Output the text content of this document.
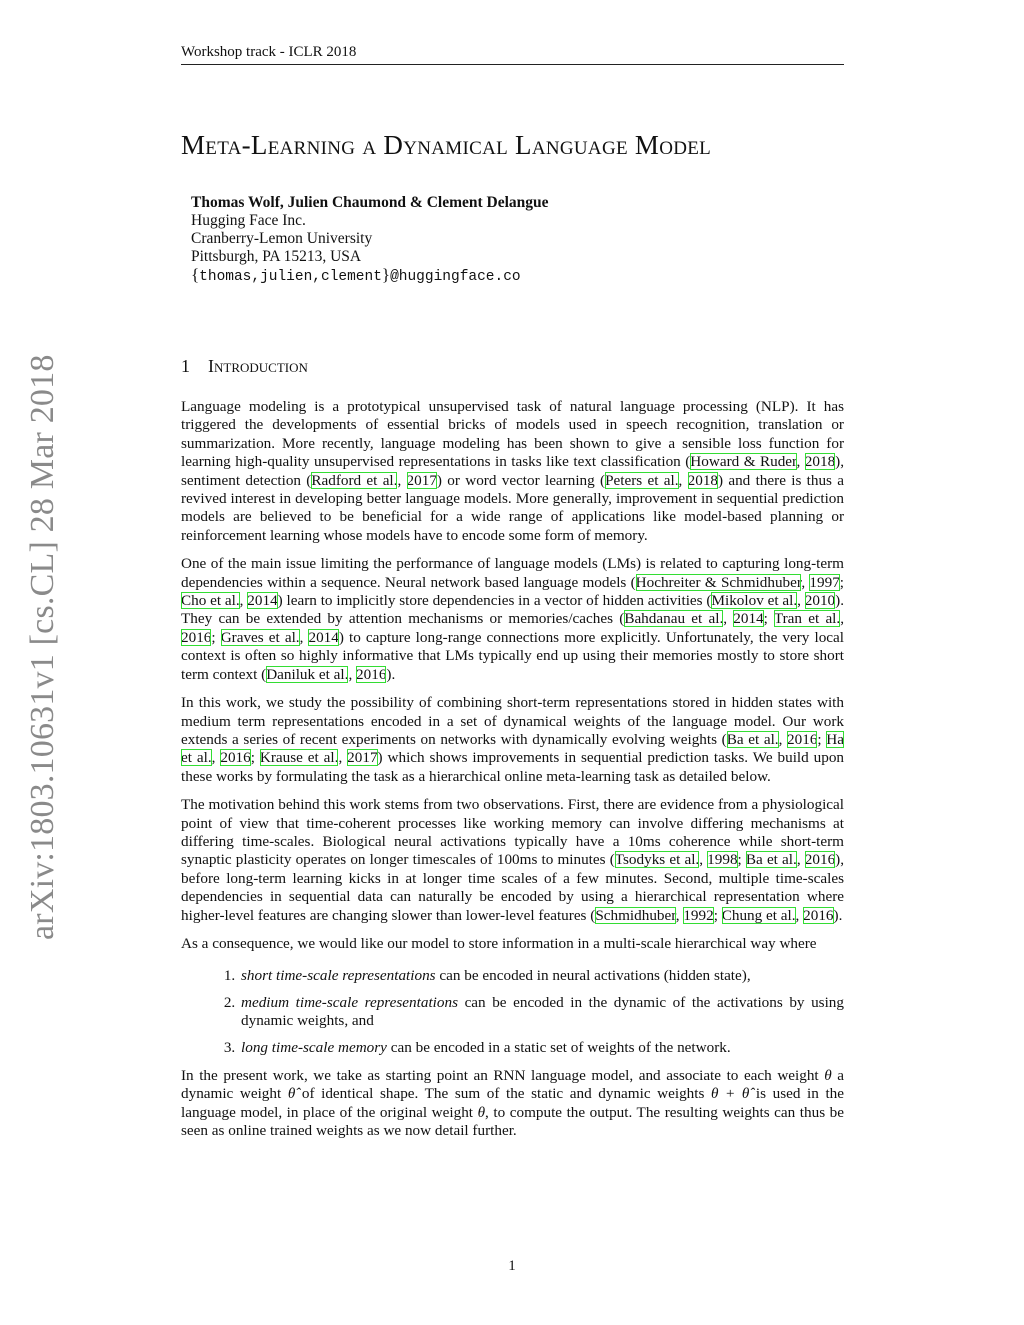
Workshop track - ICLR 2018
Meta-Learning a Dynamical Language Model
Thomas Wolf, Julien Chaumond & Clement Delangue
Hugging Face Inc.
Cranberry-Lemon University
Pittsburgh, PA 15213, USA
{thomas,julien,clement}@huggingface.co
arXiv:1803.10631v1 [cs.CL] 28 Mar 2018	1 Introduction

Language modeling is a prototypical unsupervised task of natural language processing (NLP). It has triggered the developments of essential bricks of models used in speech recognition, translation or summarization. More recently, language modeling has been shown to give a sensible loss function for learning high-quality unsupervised representations in tasks like text classification (Howard & Ruder, 2018), sentiment detection (Radford et al., 2017) or word vector learning (Peters et al., 2018) and there is thus a revived interest in developing better language models. More generally, improvement in sequential prediction models are believed to be beneficial for a wide range of applications like model-based planning or reinforcement learning whose models have to encode some form of memory.

One of the main issue limiting the performance of language models (LMs) is related to capturing long-term dependencies within a sequence. Neural network based language models (Hochreiter & Schmidhuber, 1997; Cho et al., 2014) learn to implicitly store dependencies in a vector of hidden activities (Mikolov et al., 2010). They can be extended by attention mechanisms or memories/caches (Bahdanau et al., 2014; Tran et al., 2016; Graves et al., 2014) to capture long-range connections more explicitly. Unfortunately, the very local context is often so highly informative that LMs typically end up using their memories mostly to store short term context (Daniluk et al., 2016).

In this work, we study the possibility of combining short-term representations stored in hidden states with medium term representations encoded in a set of dynamical weights of the language model. Our work extends a series of recent experiments on networks with dynamically evolving weights (Ba et al., 2016; Ha et al., 2016; Krause et al., 2017) which shows improvements in sequential prediction tasks. We build upon these works by formulating the task as a hierarchical online meta-learning task as detailed below.

The motivation behind this work stems from two observations. First, there are evidence from a physiological point of view that time-coherent processes like working memory can involve differing mechanisms at differing time-scales. Biological neural activations typically have a 10ms coherence while short-term synaptic plasticity operates on longer timescales of 100ms to minutes (Tsodyks et al., 1998; Ba et al., 2016), before long-term learning kicks in at longer time scales of a few minutes. Second, multiple time-scales dependencies in sequential data can naturally be encoded by using a hierarchical representation where higher-level features are changing slower than lower-level features (Schmidhuber, 1992; Chung et al., 2016).

As a consequence, we would like our model to store information in a multi-scale hierarchical way where

1. short time-scale representations can be encoded in neural activations (hidden state),
2. medium time-scale representations can be encoded in the dynamic of the activations by using dynamic weights, and
3. long time-scale memory can be encoded in a static set of weights of the network.

In the present work, we take as starting point an RNN language model, and associate to each weight θ a dynamic weight θ̂ of identical shape. The sum of the static and dynamic weights θ + θ̂ is used in the language model, in place of the original weight θ, to compute the output. The resulting weights can thus be seen as online trained weights as we now detail further.

1
